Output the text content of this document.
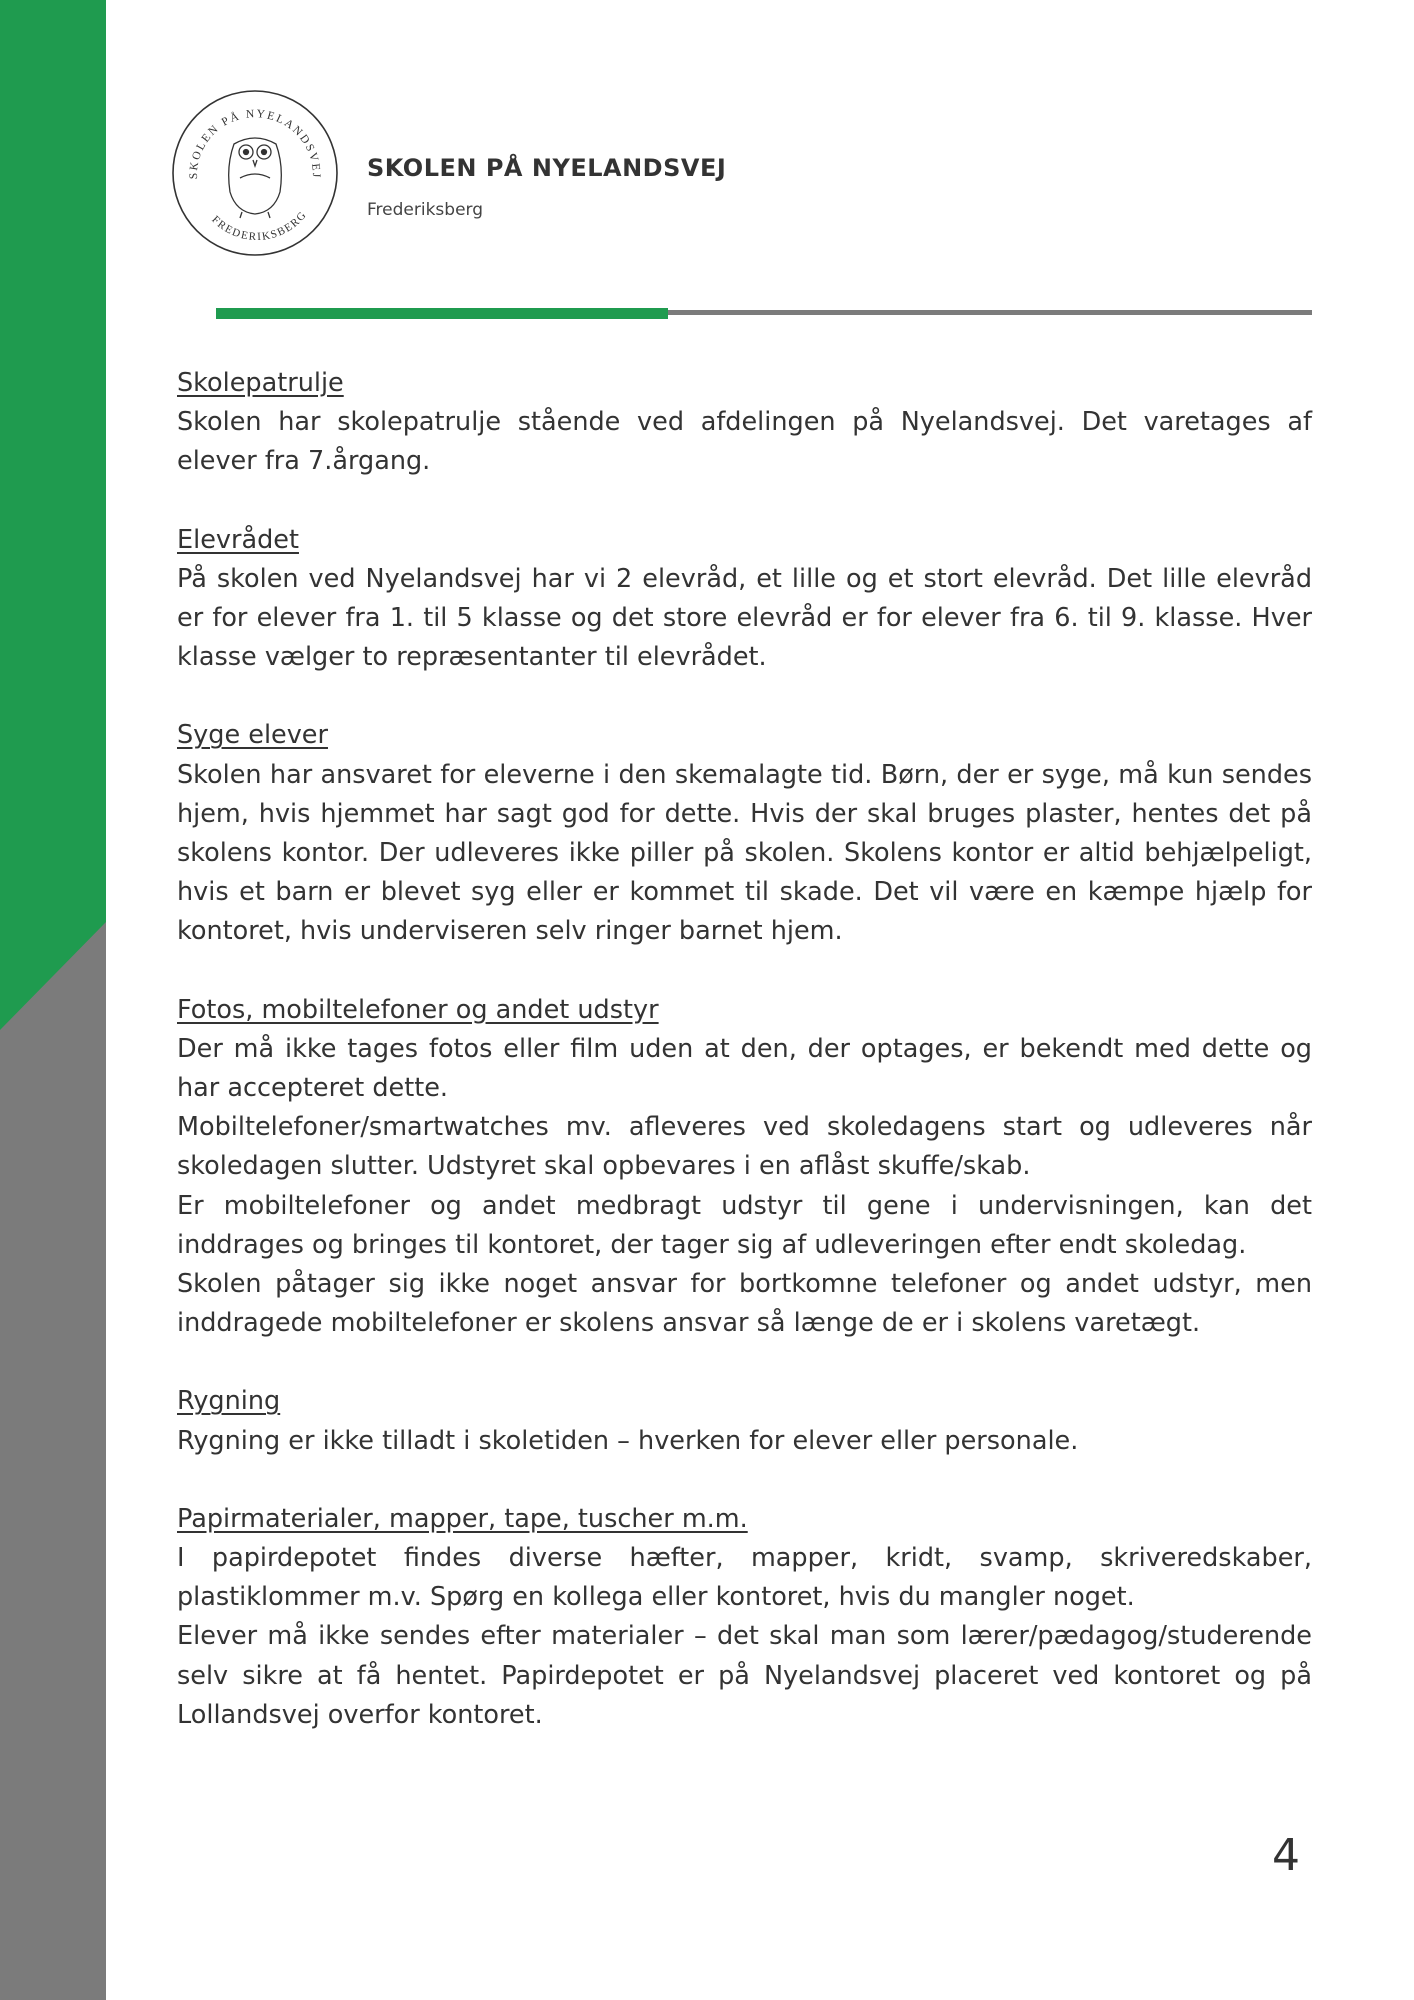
SKOLEN PÅ NYELANDSVEJ
FREDERIKSBERG
SKOLEN PÅ NYELANDSVEJ
Frederiksberg
Skolepatrulje

Skolen har skolepatrulje stående ved afdelingen på Nyelandsvej. Det varetages af elever fra 7.årgang.

Elevrådet

På skolen ved Nyelandsvej har vi 2 elevråd, et lille og et stort elevråd. Det lille elevråd er for elever fra 1. til 5 klasse og det store elevråd er for elever fra 6. til 9. klasse. Hver klasse vælger to repræsentanter til elevrådet.

Syge elever

Skolen har ansvaret for eleverne i den skemalagte tid. Børn, der er syge, må kun sendes hjem, hvis hjemmet har sagt god for dette. Hvis der skal bruges plaster, hentes det på skolens kontor. Der udleveres ikke piller på skolen. Skolens kontor er altid behjælpeligt, hvis et barn er blevet syg eller er kommet til skade. Det vil være en kæmpe hjælp for kontoret, hvis underviseren selv ringer barnet hjem.

Fotos, mobiltelefoner og andet udstyr

Der må ikke tages fotos eller film uden at den, der optages, er bekendt med dette og har accepteret dette.

Mobiltelefoner/smartwatches mv. afleveres ved skoledagens start og udleveres når skoledagen slutter. Udstyret skal opbevares i en aflåst skuffe/skab.

Er mobiltelefoner og andet medbragt udstyr til gene i undervisningen, kan det inddrages og bringes til kontoret, der tager sig af udleveringen efter endt skoledag.

Skolen påtager sig ikke noget ansvar for bortkomne telefoner og andet udstyr, men inddragede mobiltelefoner er skolens ansvar så længe de er i skolens varetægt.

Rygning

Rygning er ikke tilladt i skoletiden – hverken for elever eller personale.

Papirmaterialer, mapper, tape, tuscher m.m.

I papirdepotet findes diverse hæfter, mapper, kridt, svamp, skriveredskaber, plastiklommer m.v. Spørg en kollega eller kontoret, hvis du mangler noget.

Elever må ikke sendes efter materialer – det skal man som lærer/pædagog/studerende selv sikre at få hentet. Papirdepotet er på Nyelandsvej placeret ved kontoret og på Lollandsvej overfor kontoret.

4
